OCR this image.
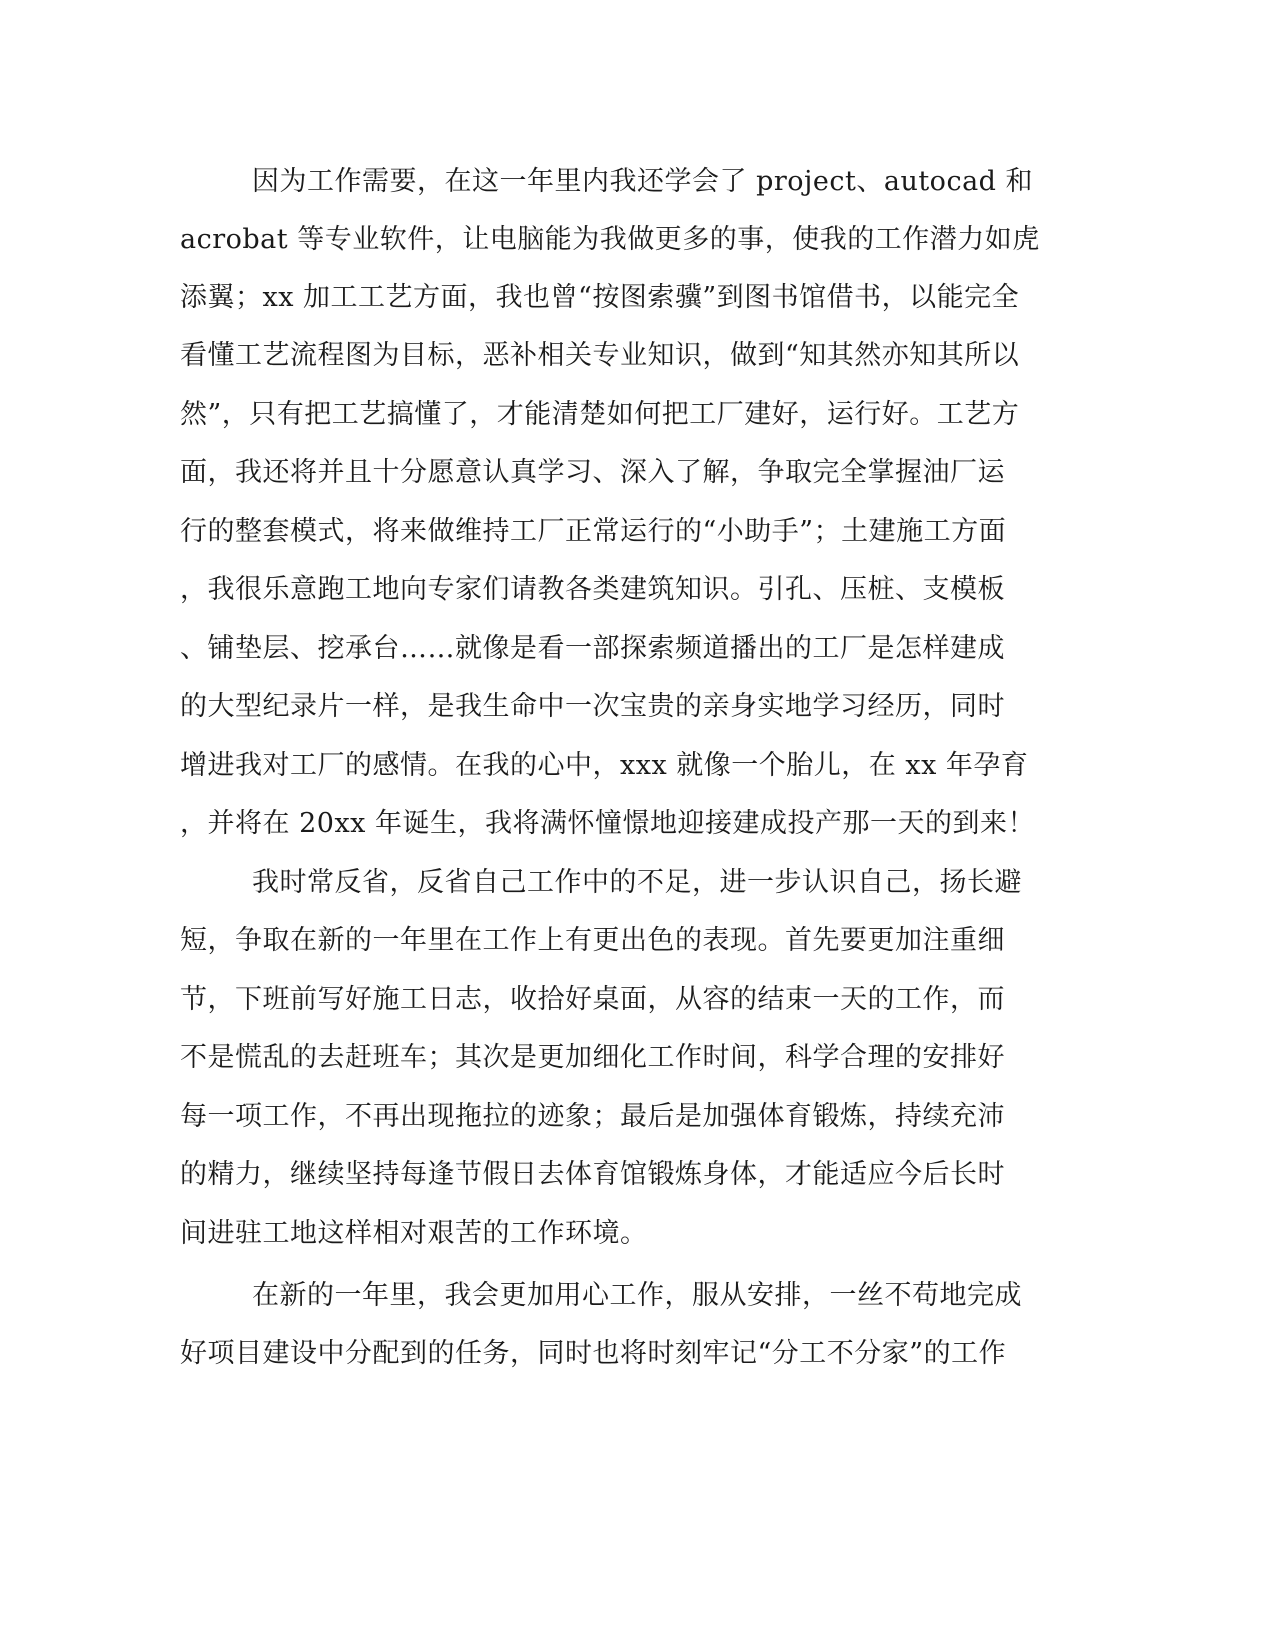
因为工作需要，在这一年里内我还学会了 project、autocad 和
acrobat 等专业软件，让电脑能为我做更多的事，使我的工作潜力如虎
添翼；xx 加工工艺方面，我也曾“按图索骥”到图书馆借书，以能完全
看懂工艺流程图为目标，恶补相关专业知识，做到“知其然亦知其所以
然”，只有把工艺搞懂了，才能清楚如何把工厂建好，运行好。工艺方
面，我还将并且十分愿意认真学习、深入了解，争取完全掌握油厂运
行的整套模式，将来做维持工厂正常运行的“小助手”；土建施工方面
，我很乐意跑工地向专家们请教各类建筑知识。引孔、压桩、支模板
、铺垫层、挖承台……就像是看一部探索频道播出的工厂是怎样建成
的大型纪录片一样，是我生命中一次宝贵的亲身实地学习经历，同时
增进我对工厂的感情。在我的心中，xxx 就像一个胎儿，在 xx 年孕育
，并将在 20xx 年诞生，我将满怀憧憬地迎接建成投产那一天的到来！
我时常反省，反省自己工作中的不足，进一步认识自己，扬长避
短，争取在新的一年里在工作上有更出色的表现。首先要更加注重细
节，下班前写好施工日志，收拾好桌面，从容的结束一天的工作，而
不是慌乱的去赶班车；其次是更加细化工作时间，科学合理的安排好
每一项工作，不再出现拖拉的迹象；最后是加强体育锻炼，持续充沛
的精力，继续坚持每逢节假日去体育馆锻炼身体，才能适应今后长时
间进驻工地这样相对艰苦的工作环境。
在新的一年里，我会更加用心工作，服从安排，一丝不苟地完成
好项目建设中分配到的任务，同时也将时刻牢记“分工不分家”的工作
